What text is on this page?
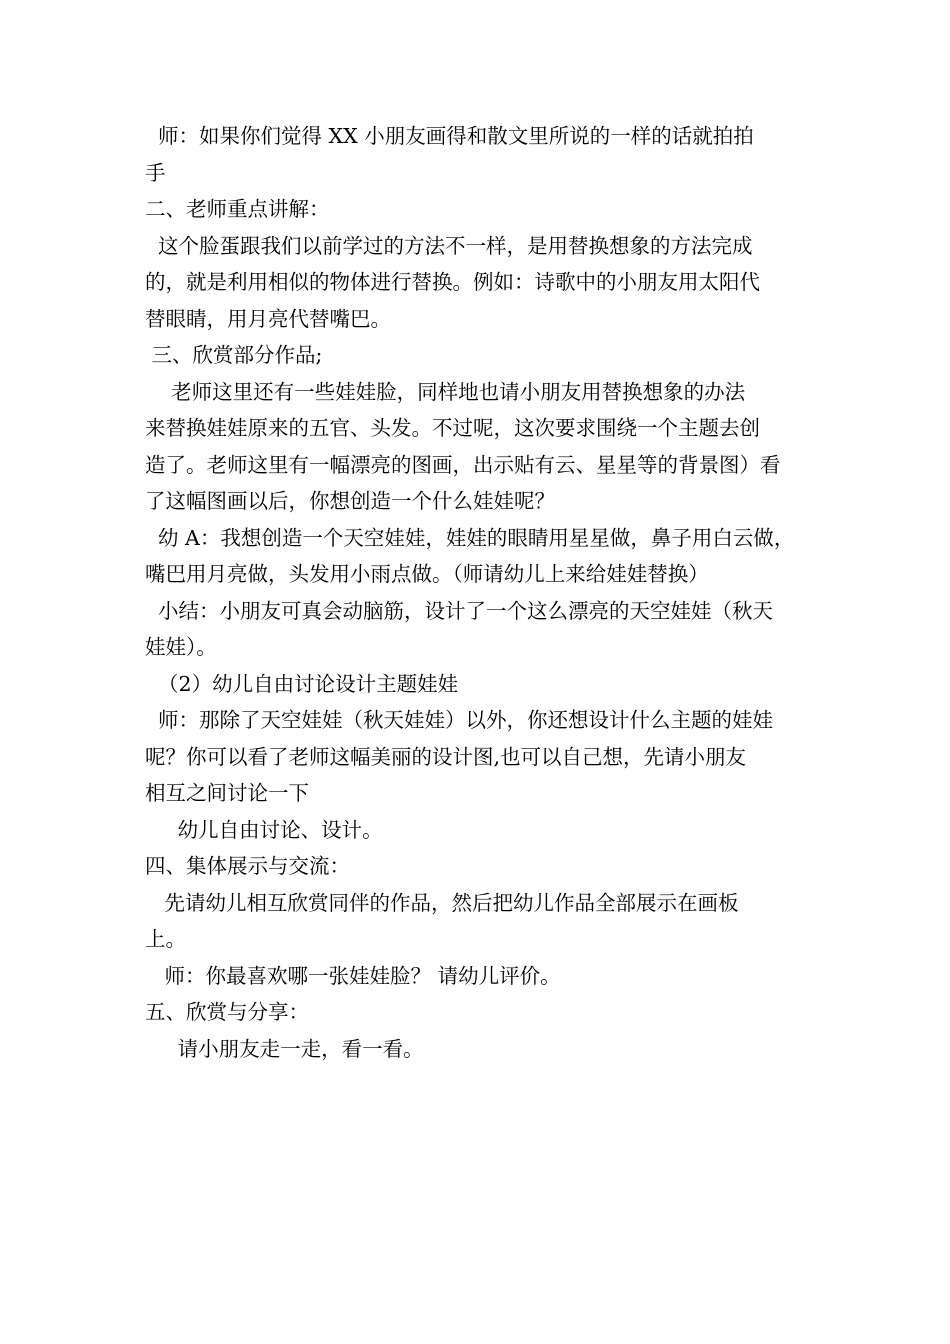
师：如果你们觉得 XX 小朋友画得和散文里所说的一样的话就拍拍
手
二、老师重点讲解：
这个脸蛋跟我们以前学过的方法不一样，是用替换想象的方法完成
的，就是利用相似的物体进行替换。例如：诗歌中的小朋友用太阳代
替眼睛，用月亮代替嘴巴。
三、欣赏部分作品;
老师这里还有一些娃娃脸，同样地也请小朋友用替换想象的办法
来替换娃娃原来的五官、头发。不过呢，这次要求围绕一个主题去创
造了。老师这里有一幅漂亮的图画，出示贴有云、星星等的背景图）看
了这幅图画以后，你想创造一个什么娃娃呢？
幼 A：我想创造一个天空娃娃，娃娃的眼睛用星星做，鼻子用白云做，
嘴巴用月亮做，头发用小雨点做。（师请幼儿上来给娃娃替换）
小结：小朋友可真会动脑筋，设计了一个这么漂亮的天空娃娃（秋天
娃娃）。
（2）幼儿自由讨论设计主题娃娃
师：那除了天空娃娃（秋天娃娃）以外，你还想设计什么主题的娃娃
呢？你可以看了老师这幅美丽的设计图,也可以自己想，先请小朋友
相互之间讨论一下
幼儿自由讨论、设计。
四、集体展示与交流：
先请幼儿相互欣赏同伴的作品，然后把幼儿作品全部展示在画板
上。
师：你最喜欢哪一张娃娃脸？ 请幼儿评价。
五、欣赏与分享：
请小朋友走一走，看一看。
